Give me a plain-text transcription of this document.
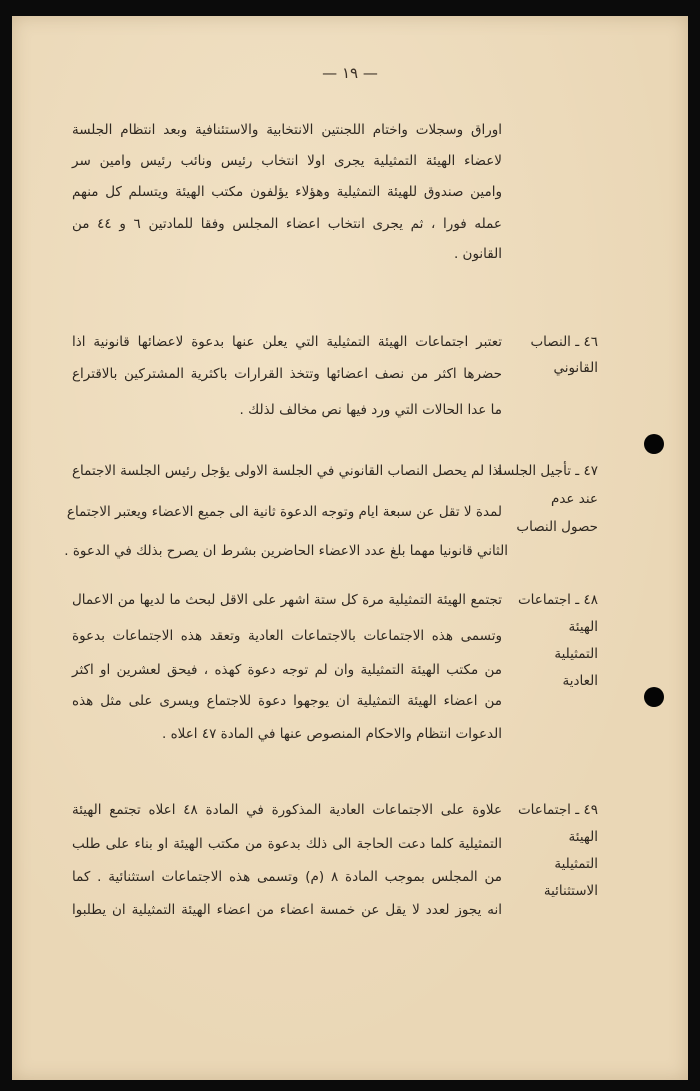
— ١٩ —
اوراق وسجلات واختام اللجنتين الانتخابية والاستئنافية وبعد انتظام الجلسة
لاعضاء الهيئة التمثيلية يجرى اولا انتخاب رئيس ونائب رئيس وامين سر
وامين صندوق للهيئة التمثيلية وهؤلاء يؤلفون مكتب الهيئة ويتسلم كل منهم
عمله فورا ، ثم يجرى انتخاب اعضاء المجلس وفقا للمادتين ٦ و ٤٤ من
القانون .
٤٦ ـ النصاب
القانوني
تعتبر اجتماعات الهيئة التمثيلية التي يعلن عنها بدعوة لاعضائها قانونية اذا
حضرها اكثر من نصف اعضائها وتتخذ القرارات باكثرية المشتركين بالاقتراع
ما عدا الحالات التي ورد فيها نص مخالف لذلك .
٤٧ ـ تأجيل الجلسة
عند عدم
حصول النصاب
اذا لم يحصل النصاب القانوني في الجلسة الاولى يؤجل رئيس الجلسة الاجتماع
لمدة لا تقل عن سبعة ايام وتوجه الدعوة ثانية الى جميع الاعضاء ويعتبر الاجتماع
الثاني قانونيا مهما بلغ عدد الاعضاء الحاضرين بشرط ان يصرح بذلك في الدعوة .
٤٨ ـ اجتماعات
الهيئة
التمثيلية
العادية
تجتمع الهيئة التمثيلية مرة كل ستة اشهر على الاقل لبحث ما لديها من الاعمال
وتسمى هذه الاجتماعات بالاجتماعات العادية وتعقد هذه الاجتماعات بدعوة
من مكتب الهيئة التمثيلية وان لم توجه دعوة كهذه ، فيحق لعشرين او اكثر
من اعضاء الهيئة التمثيلية ان يوجهوا دعوة للاجتماع ويسرى على مثل هذه
الدعوات انتظام والاحكام المنصوص عنها في المادة ٤٧ اعلاه .
٤٩ ـ اجتماعات
الهيئة
التمثيلية
الاستثنائية
علاوة على الاجتماعات العادية المذكورة في المادة ٤٨ اعلاه تجتمع الهيئة
التمثيلية كلما دعت الحاجة الى ذلك بدعوة من مكتب الهيئة او بناء على طلب
من المجلس بموجب المادة ٨ (م) وتسمى هذه الاجتماعات استثنائية . كما
انه يجوز لعدد لا يقل عن خمسة اعضاء من اعضاء الهيئة التمثيلية ان يطلبوا
